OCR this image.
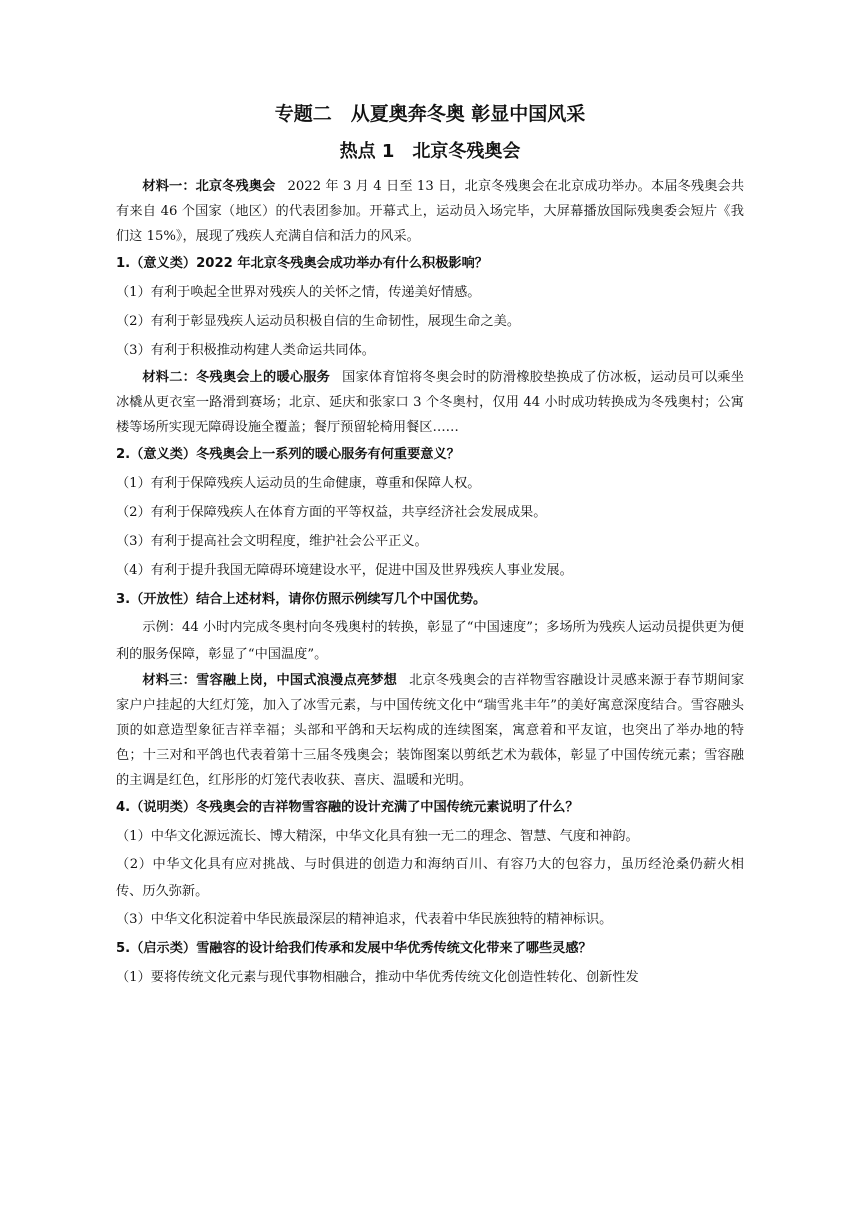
专题二　从夏奥奔冬奥 彰显中国风采
热点 1　北京冬残奥会

材料一：北京冬残奥会 2022 年 3 月 4 日至 13 日，北京冬残奥会在北京成功举办。本届冬残奥会共有来自 46 个国家（地区）的代表团参加。开幕式上，运动员入场完毕，大屏幕播放国际残奥委会短片《我们这 15%》，展现了残疾人充满自信和活力的风采。

1.（意义类）2022 年北京冬残奥会成功举办有什么积极影响？

（1）有利于唤起全世界对残疾人的关怀之情，传递美好情感。

（2）有利于彰显残疾人运动员积极自信的生命韧性，展现生命之美。

（3）有利于积极推动构建人类命运共同体。

材料二：冬残奥会上的暖心服务 国家体育馆将冬奥会时的防滑橡胶垫换成了仿冰板，运动员可以乘坐冰橇从更衣室一路滑到赛场；北京、延庆和张家口 3 个冬奥村，仅用 44 小时成功转换成为冬残奥村；公寓楼等场所实现无障碍设施全覆盖；餐厅预留轮椅用餐区……

2.（意义类）冬残奥会上一系列的暖心服务有何重要意义？

（1）有利于保障残疾人运动员的生命健康，尊重和保障人权。

（2）有利于保障残疾人在体育方面的平等权益，共享经济社会发展成果。

（3）有利于提高社会文明程度，维护社会公平正义。

（4）有利于提升我国无障碍环境建设水平，促进中国及世界残疾人事业发展。

3.（开放性）结合上述材料，请你仿照示例续写几个中国优势。

示例：44 小时内完成冬奥村向冬残奥村的转换，彰显了“中国速度”；多场所为残疾人运动员提供更为便利的服务保障，彰显了“中国温度”。

材料三：雪容融上岗，中国式浪漫点亮梦想 北京冬残奥会的吉祥物雪容融设计灵感来源于春节期间家家户户挂起的大红灯笼，加入了冰雪元素，与中国传统文化中“瑞雪兆丰年”的美好寓意深度结合。雪容融头顶的如意造型象征吉祥幸福；头部和平鸽和天坛构成的连续图案，寓意着和平友谊，也突出了举办地的特色；十三对和平鸽也代表着第十三届冬残奥会；装饰图案以剪纸艺术为载体，彰显了中国传统元素；雪容融的主调是红色，红彤彤的灯笼代表收获、喜庆、温暖和光明。

4.（说明类）冬残奥会的吉祥物雪容融的设计充满了中国传统元素说明了什么？

（1）中华文化源远流长、博大精深，中华文化具有独一无二的理念、智慧、气度和神韵。

（2）中华文化具有应对挑战、与时俱进的创造力和海纳百川、有容乃大的包容力，虽历经沧桑仍薪火相传、历久弥新。

（3）中华文化积淀着中华民族最深层的精神追求，代表着中华民族独特的精神标识。

5.（启示类）雪融容的设计给我们传承和发展中华优秀传统文化带来了哪些灵感？

（1）要将传统文化元素与现代事物相融合，推动中华优秀传统文化创造性转化、创新性发
